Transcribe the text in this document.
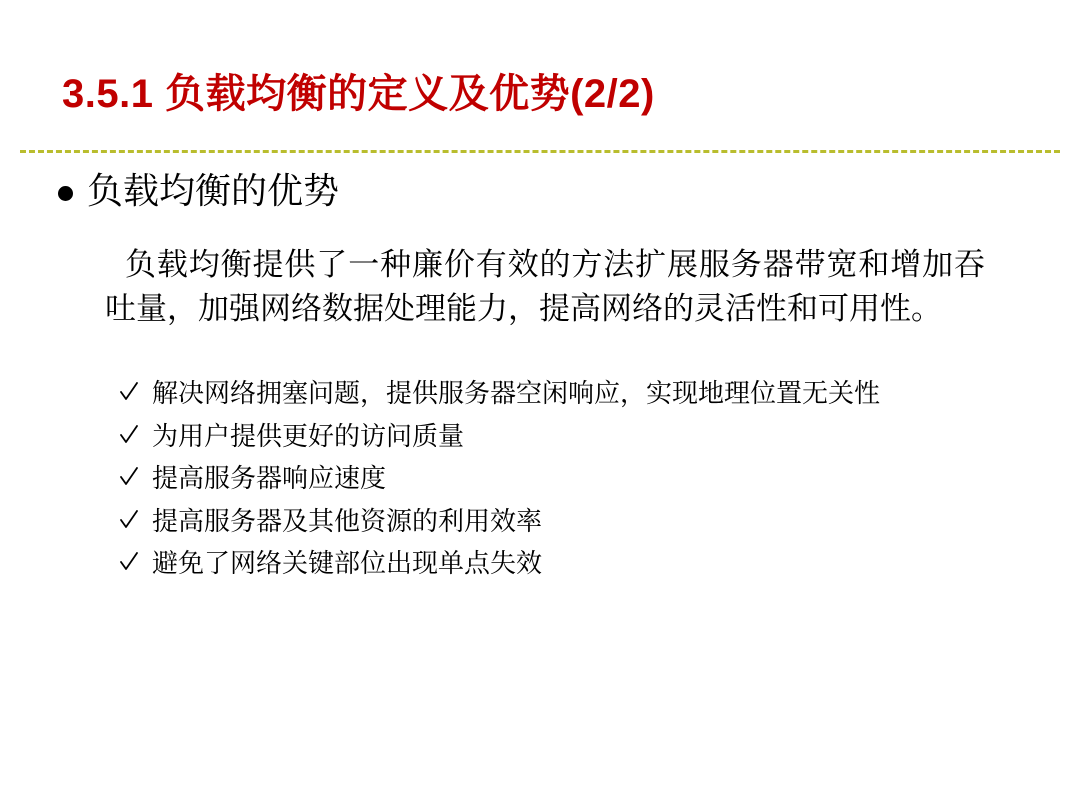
3.5.1 负载均衡的定义及优势(2/2)
负载均衡的优势
负载均衡提供了一种廉价有效的方法扩展服务器带宽和增加吞吐量，加强网络数据处理能力，提高网络的灵活性和可用性。
解决网络拥塞问题，提供服务器空闲响应，实现地理位置无关性
为用户提供更好的访问质量
提高服务器响应速度
提高服务器及其他资源的利用效率
避免了网络关键部位出现单点失效
